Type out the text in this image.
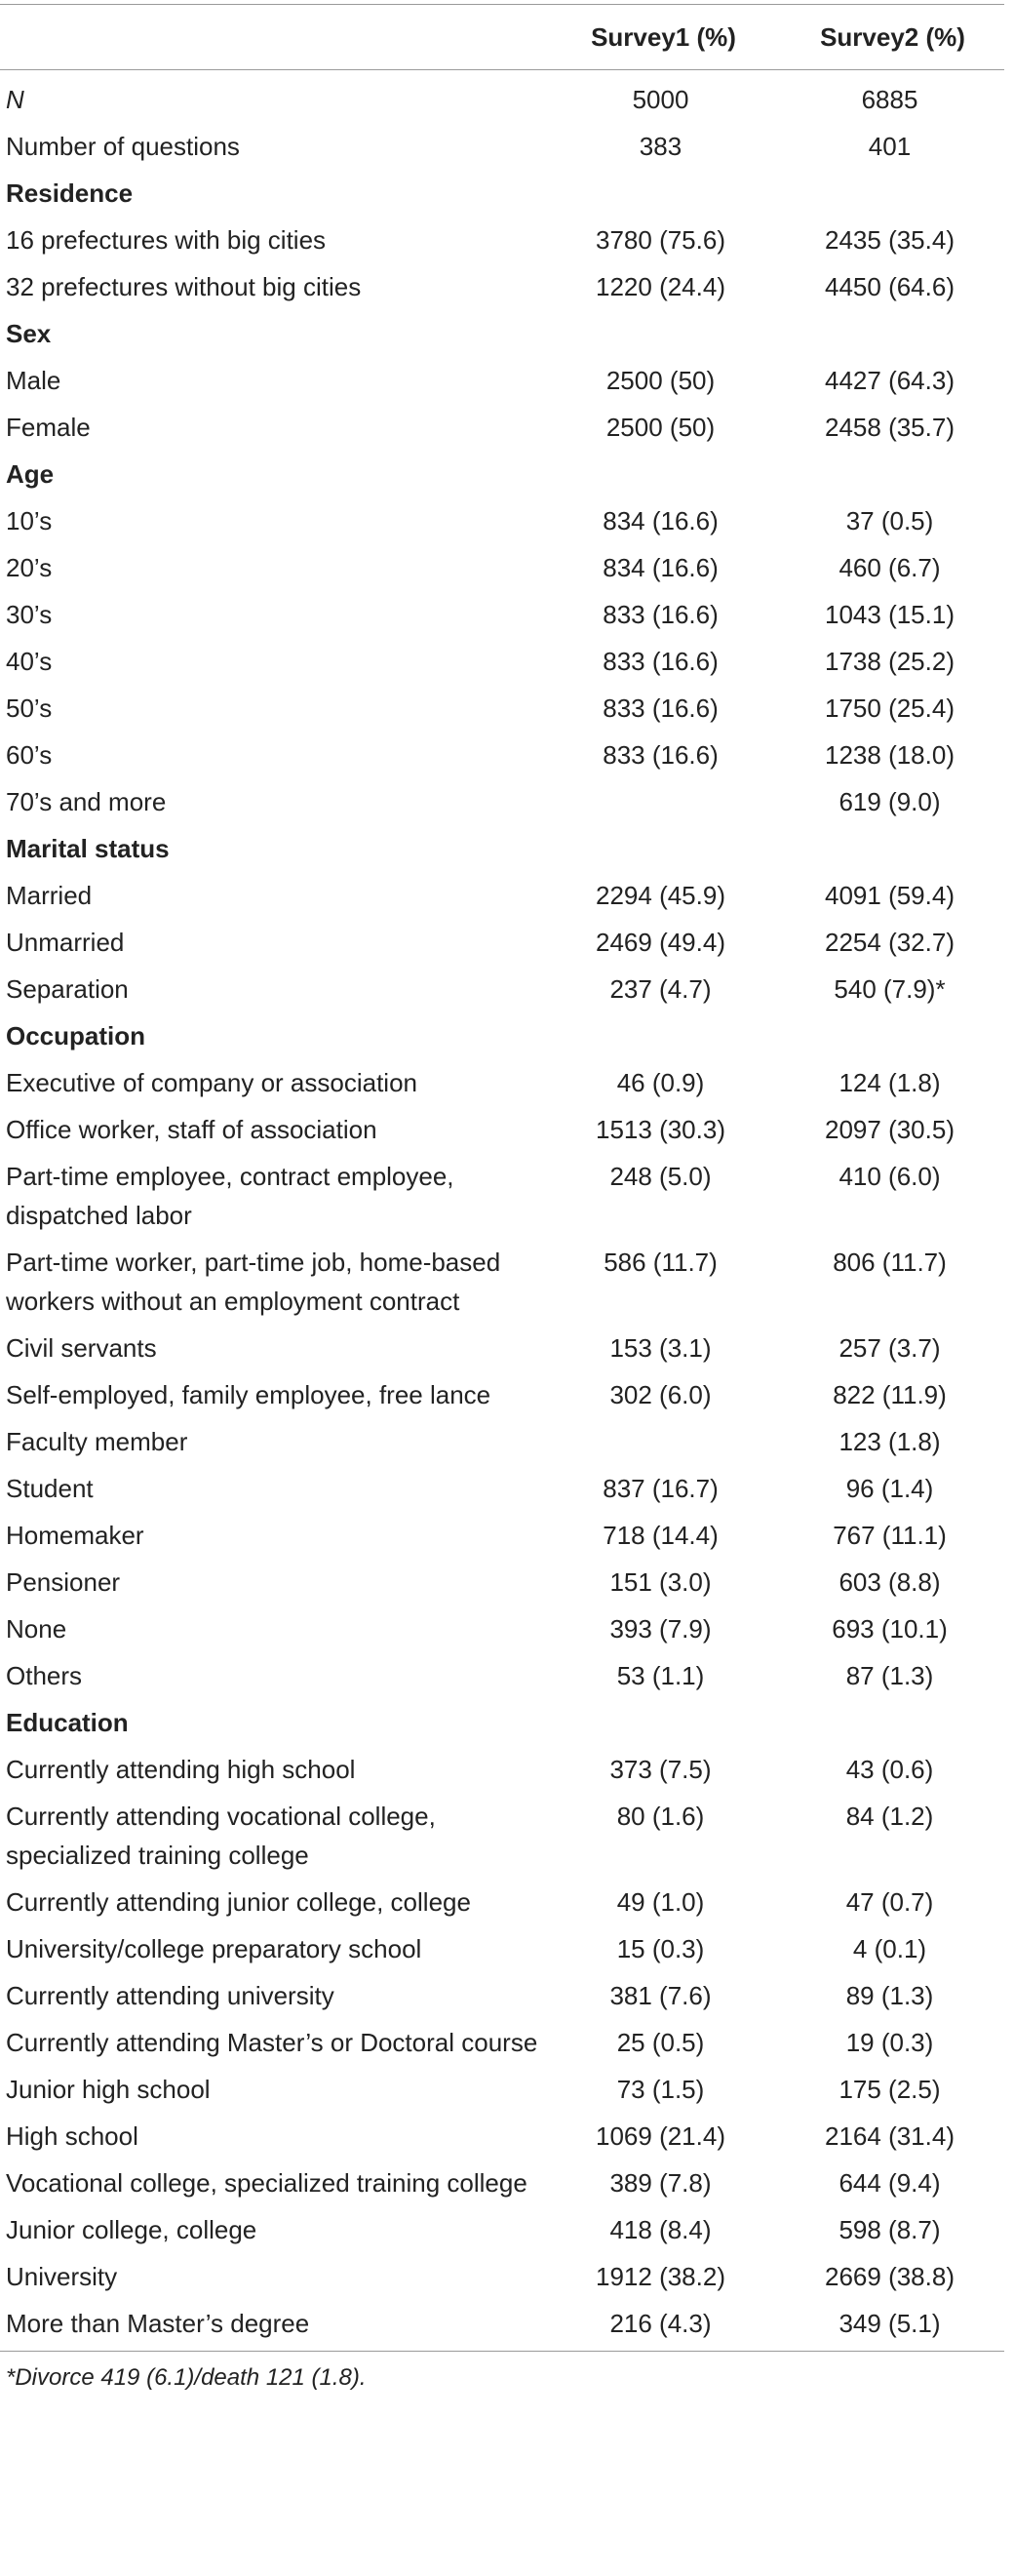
	Survey1 (%)	Survey2 (%)
N	5000	6885
Number of questions	383	401
Residence		
16 prefectures with big cities	3780 (75.6)	2435 (35.4)
32 prefectures without big cities	1220 (24.4)	4450 (64.6)
Sex		
Male	2500 (50)	4427 (64.3)
Female	2500 (50)	2458 (35.7)
Age		
10’s	834 (16.6)	37 (0.5)
20’s	834 (16.6)	460 (6.7)
30’s	833 (16.6)	1043 (15.1)
40’s	833 (16.6)	1738 (25.2)
50’s	833 (16.6)	1750 (25.4)
60’s	833 (16.6)	1238 (18.0)
70’s and more		619 (9.0)
Marital status		
Married	2294 (45.9)	4091 (59.4)
Unmarried	2469 (49.4)	2254 (32.7)
Separation	237 (4.7)	540 (7.9)*
Occupation		
Executive of company or association	46 (0.9)	124 (1.8)
Office worker, staff of association	1513 (30.3)	2097 (30.5)
Part-time employee, contract employee, dispatched labor	248 (5.0)	410 (6.0)
Part-time worker, part-time job, home-based workers without an employment contract	586 (11.7)	806 (11.7)
Civil servants	153 (3.1)	257 (3.7)
Self-employed, family employee, free lance	302 (6.0)	822 (11.9)
Faculty member		123 (1.8)
Student	837 (16.7)	96 (1.4)
Homemaker	718 (14.4)	767 (11.1)
Pensioner	151 (3.0)	603 (8.8)
None	393 (7.9)	693 (10.1)
Others	53 (1.1)	87 (1.3)
Education		
Currently attending high school	373 (7.5)	43 (0.6)
Currently attending vocational college, specialized training college	80 (1.6)	84 (1.2)
Currently attending junior college, college	49 (1.0)	47 (0.7)
University/college preparatory school	15 (0.3)	4 (0.1)
Currently attending university	381 (7.6)	89 (1.3)
Currently attending Master’s or Doctoral course	25 (0.5)	19 (0.3)
Junior high school	73 (1.5)	175 (2.5)
High school	1069 (21.4)	2164 (31.4)
Vocational college, specialized training college	389 (7.8)	644 (9.4)
Junior college, college	418 (8.4)	598 (8.7)
University	1912 (38.2)	2669 (38.8)
More than Master’s degree	216 (4.3)	349 (5.1)
*Divorce 419 (6.1)/death 121 (1.8).
